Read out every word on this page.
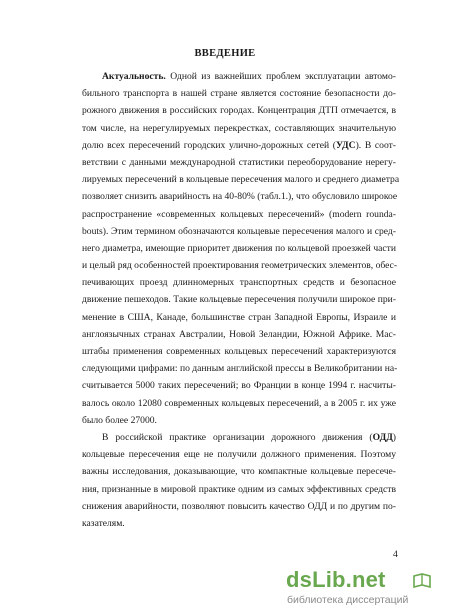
ВВЕДЕНИЕ
Актуальность. Одной из важнейших проблем эксплуатации автомо-
бильного транспорта в нашей стране является состояние безопасности до-
рожного движения в российских городах. Концентрация ДТП отмечается, в
том числе, на нерегулируемых перекрестках, составляющих значительную
долю всех пересечений городских улично-дорожных сетей (УДС). В соот-
ветствии с данными международной статистики переоборудование нерегу-
лируемых пересечений в кольцевые пересечения малого и среднего диаметра
позволяет снизить аварийность на 40-80% (табл.1.), что обусловило широкое
распространение «современных кольцевых пересечений» (modern rounda-
bouts). Этим термином обозначаются кольцевые пересечения малого и сред-
него диаметра, имеющие приоритет движения по кольцевой проезжей части
и целый ряд особенностей проектирования геометрических элементов, обес-
печивающих проезд длинномерных транспортных средств и безопасное
движение пешеходов. Такие кольцевые пересечения получили широкое при-
менение в США, Канаде, большинстве стран Западной Европы, Израиле и
англоязычных странах Австралии, Новой Зеландии, Южной Африке. Мас-
штабы применения современных кольцевых пересечений характеризуются
следующими цифрами: по данным английской прессы в Великобритании на-
считывается 5000 таких пересечений; во Франции в конце 1994 г. насчиты-
валось около 12080 современных кольцевых пересечений, а в 2005 г. их уже
было более 27000.
В российской практике организации дорожного движения (ОДД)
кольцевые пересечения еще не получили должного применения. Поэтому
важны исследования, доказывающие, что компактные кольцевые пересече-
ния, признанные в мировой практике одним из самых эффективных средств
снижения аварийности, позволяют повысить качество ОДД и по другим по-
казателям.
4
dsLib.net
библиотека диссертаций
